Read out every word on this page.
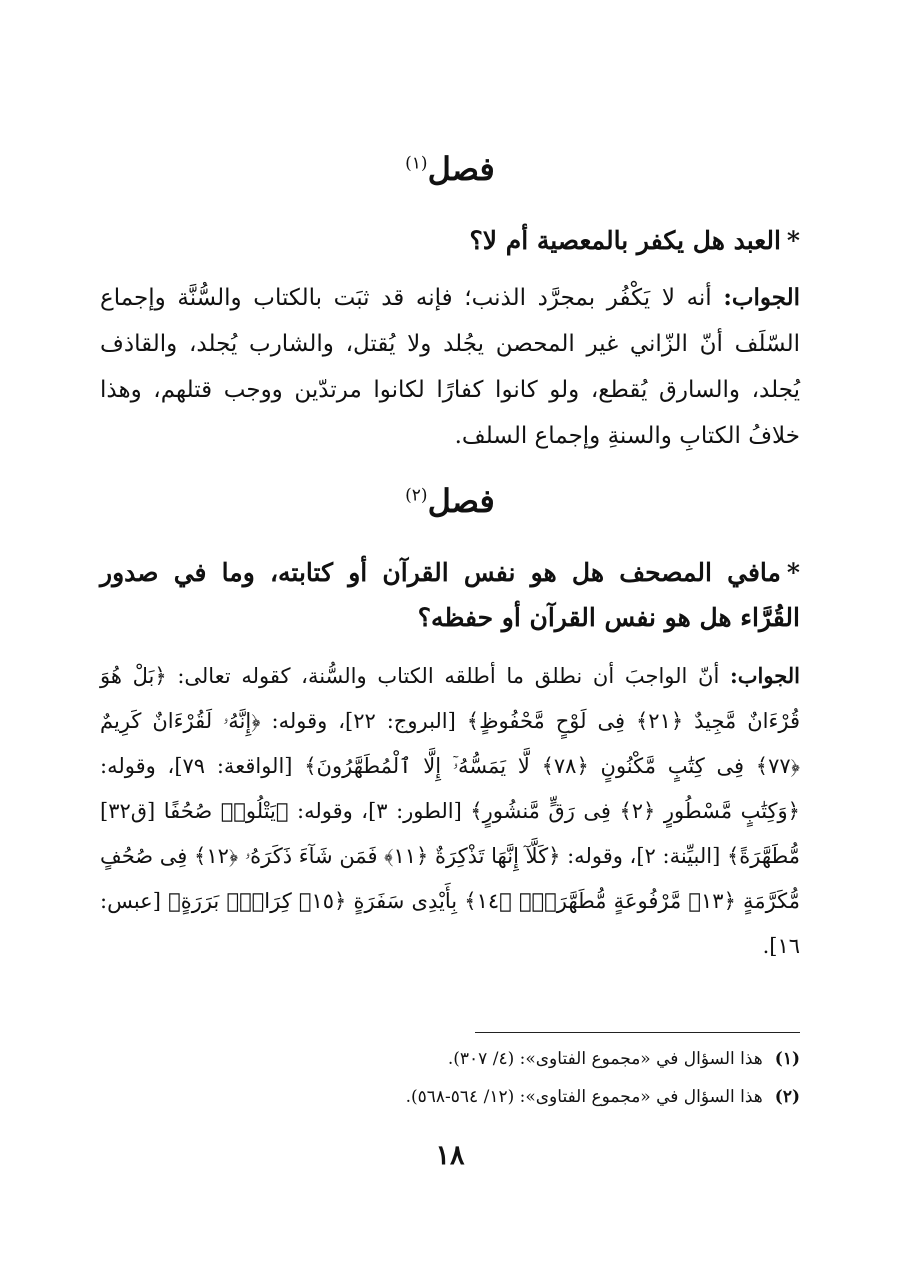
فصل$^{(١)}$
*العبد هل يكفر بالمعصية أم لا؟
الجواب: أنه لا يَكْفُر بمجرَّد الذنب؛ فإنه قد ثبَت بالكتاب والسُّنَّة وإجماع السّلَف أنّ الزّاني غير المحصن يجُلد ولا يُقتل، والشارب يُجلد، والقاذف يُجلد، والسارق يُقطع، ولو كانوا كفارًا لكانوا مرتدّين ووجب قتلهم، وهذا خلافُ الكتابِ والسنةِ وإجماع السلف.
فصل$^{(٢)}$
*مافي المصحف هل هو نفس القرآن أو كتابته، وما في صدور القُرَّاء هل هو نفس القرآن أو حفظه؟
الجواب: أنّ الواجبَ أن نطلق ما أطلقه الكتاب والسُّنة، كقوله تعالى: ﴿بَلْ هُوَ قُرْءَانٌ مَّجِيدٌ ﴿٢١﴾ فِى لَوْحٍ مَّحْفُوظٍ﴾ [البروج: ٢٢]، وقوله: ﴿إِنَّهُۥ لَقُرْءَانٌ كَرِيمٌ ﴿٧٧﴾ فِى كِتَٰبٍ مَّكْنُونٍ ﴿٧٨﴾ لَّا يَمَسُّهُۥٓ إِلَّا ٱلْمُطَهَّرُونَ﴾ [الواقعة: ٧٩]، وقوله: ﴿وَكِتَٰبٍ مَّسْطُورٍ ﴿٢﴾ فِى رَقٍّ مَّنشُورٍ﴾ [الطور: ٣]، وقوله: ﴿يَتْلُوا۟ صُحُفًا [ق٣٢] مُّطَهَّرَةً﴾ [البيِّنة: ٢]، وقوله: ﴿كَلَّآ إِنَّهَا تَذْكِرَةٌ ﴿١١﴾ فَمَن شَآءَ ذَكَرَهُۥ ﴿١٢﴾ فِى صُحُفٍ مُّكَرَّمَةٍ ﴿١٣﴾ مَّرْفُوعَةٍ مُّطَهَّرَةٍۭ ﴿١٤﴾ بِأَيْدِى سَفَرَةٍ ﴿١٥﴾ كِرَامٍۭ بَرَرَةٍ﴾ [عبس: ١٦].
(١)هذا السؤال في «مجموع الفتاوى»: (٤/ ٣٠٧).
(٢)هذا السؤال في «مجموع الفتاوى»: (١٢/ ٥٦٤-٥٦٨).
١٨
